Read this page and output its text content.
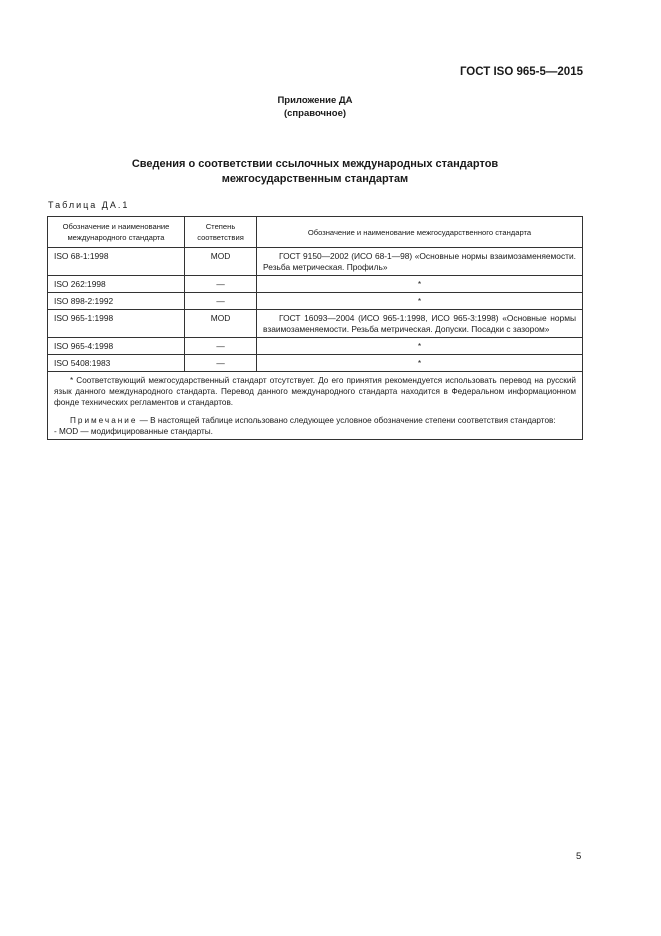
ГОСТ ISO 965-5—2015
Приложение ДА
(справочное)
Сведения о соответствии ссылочных международных стандартов
межгосударственным стандартам
Таблица ДА.1
Обозначение и наименование международного стандарта	Степень соответствия	Обозначение и наименование межгосударственного стандарта
ISO 68-1:1998	MOD	ГОСТ 9150—2002 (ИСО 68-1—98) «Основные нормы взаимозаменяемости. Резьба метрическая. Профиль»
ISO 262:1998	—	*
ISO 898-2:1992	—	*
ISO 965-1:1998	MOD	ГОСТ 16093—2004 (ИСО 965-1:1998, ИСО 965-3:1998) «Основные нормы взаимозаменяемости. Резьба метрическая. Допуски. Посадки с зазором»
ISO 965-4:1998	—	*
ISO 5408:1983	—	*

* Соответствующий межгосударственный стандарт отсутствует. До его принятия рекомендуется использовать перевод на русский язык данного международного стандарта. Перевод данного международного стандарта находится в Федеральном информационном фонде технических регламентов и стандартов.
Примечание — В настоящей таблице использовано следующее условное обозначение степени соответствия стандартов:
- MOD — модифицированные стандарты.		
5
